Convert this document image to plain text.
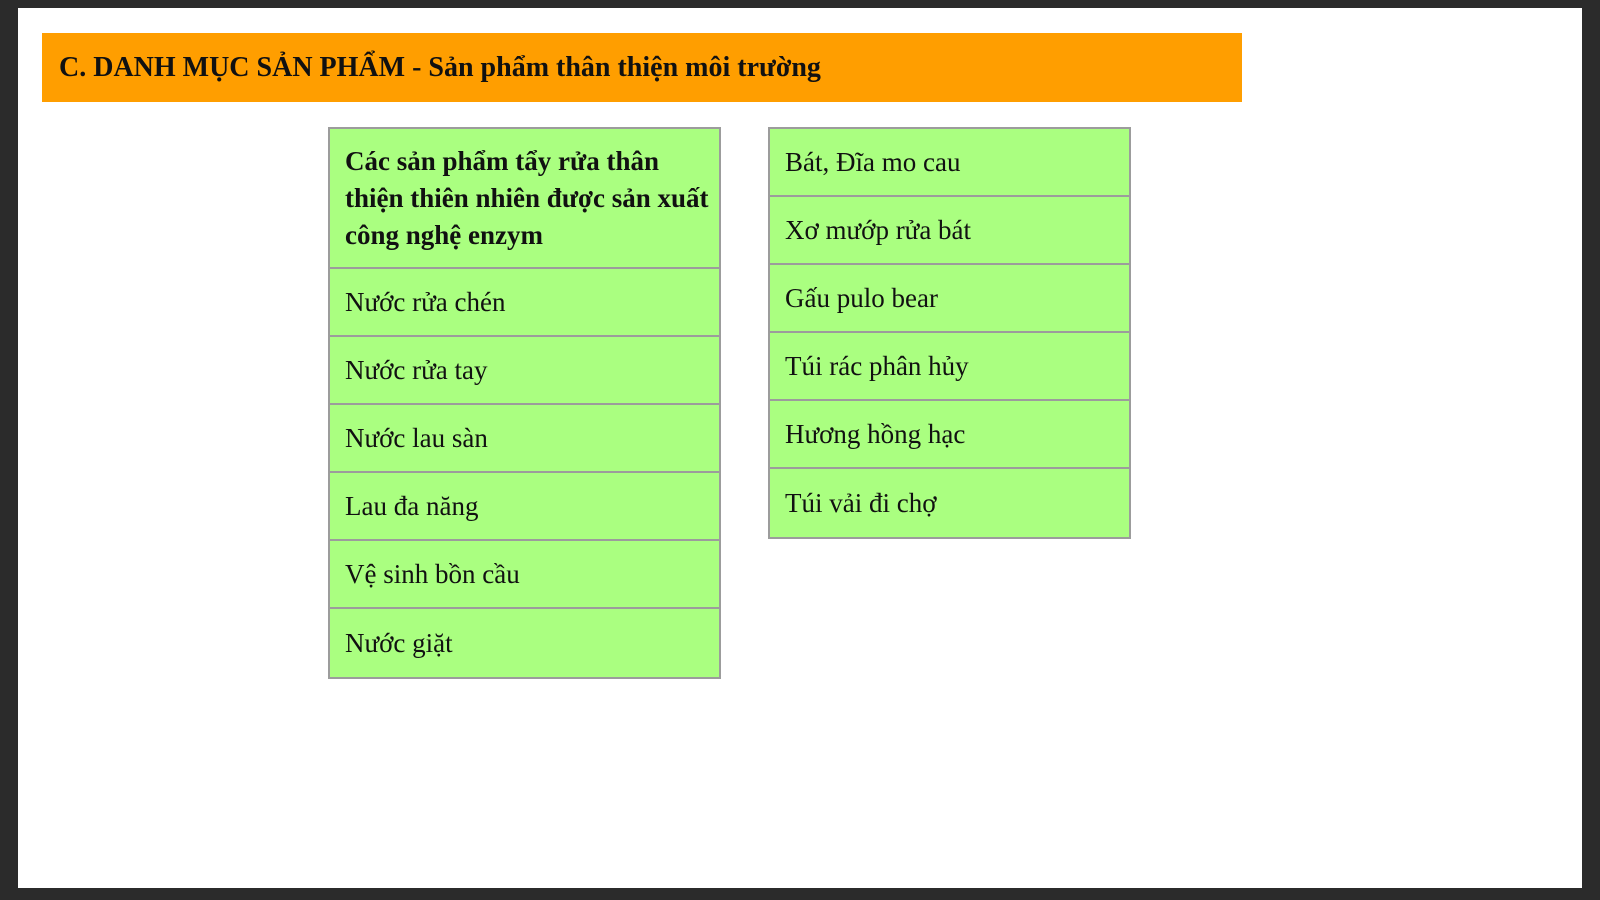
C. DANH MỤC SẢN PHẨM - Sản phẩm thân thiện môi trường
Các sản phẩm tẩy rửa thân thiện thiên nhiên được sản xuất công nghệ enzym
Nước rửa chén
Nước rửa tay
Nước lau sàn
Lau đa năng
Vệ sinh bồn cầu
Nước giặt
Bát, Đĩa mo cau
Xơ mướp rửa bát
Gấu pulo bear
Túi rác phân hủy
Hương hồng hạc
Túi vải đi chợ
